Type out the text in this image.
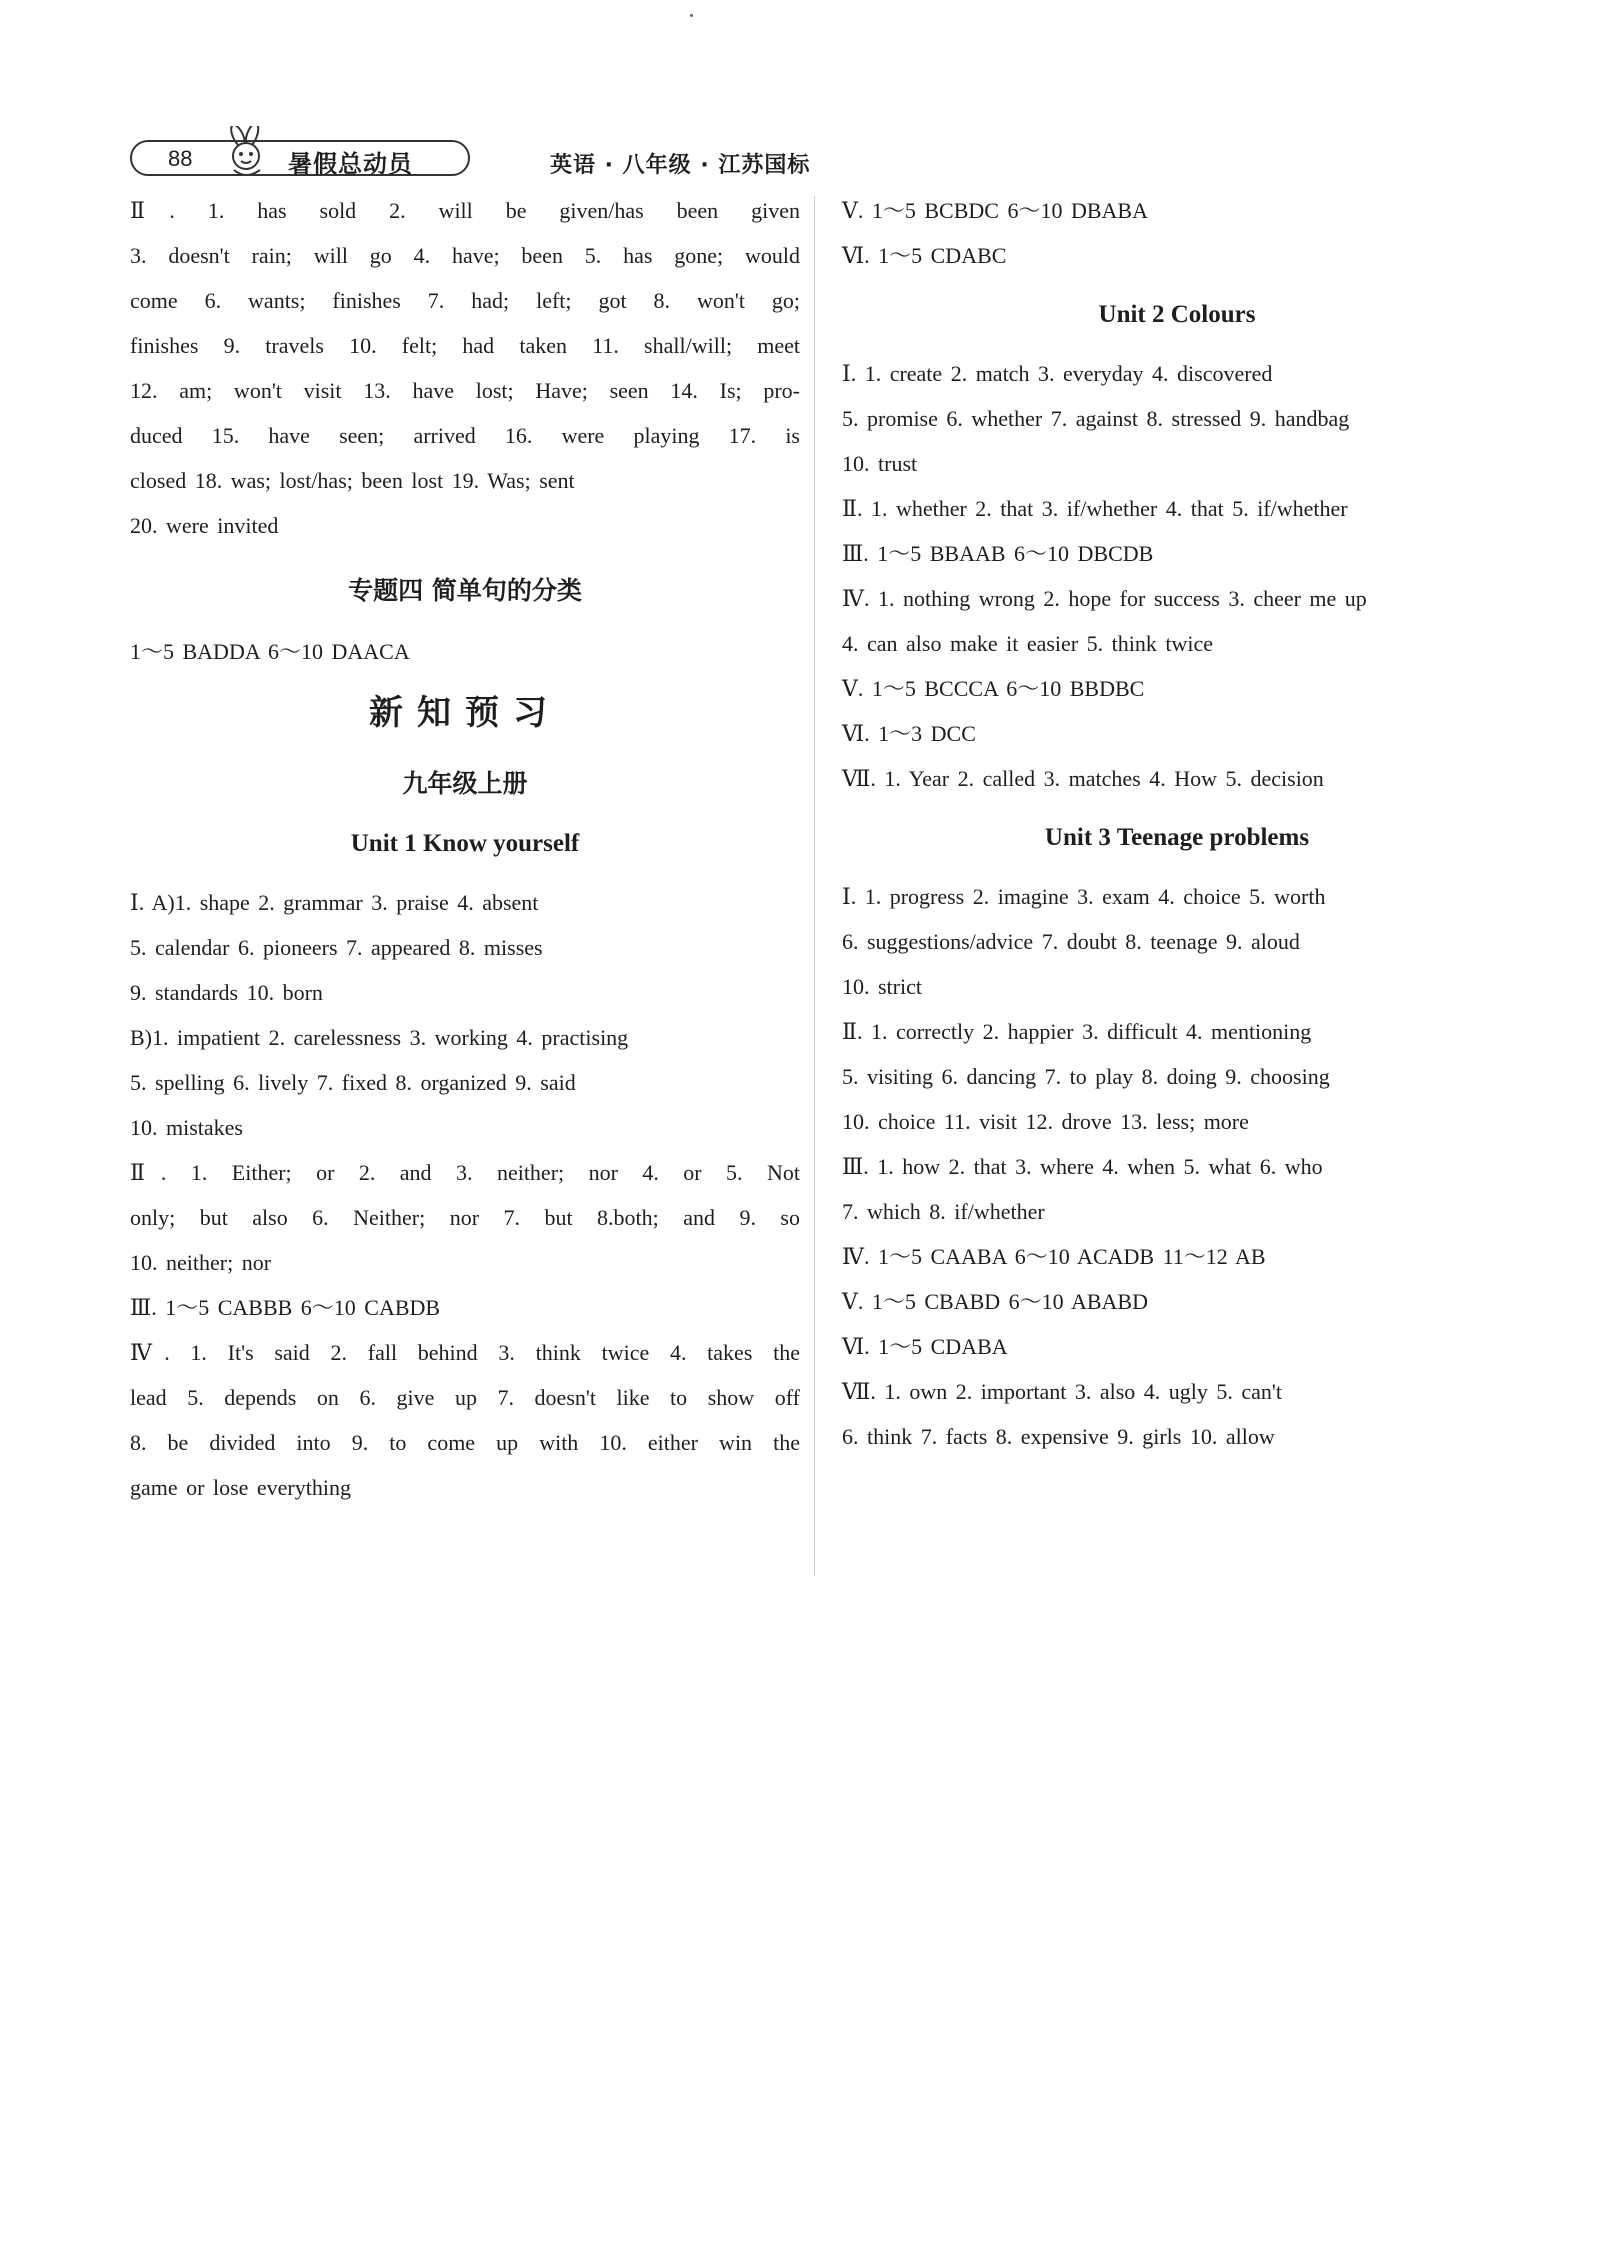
88	暑假总动员	英语 · 八年级 · 江苏国标
Ⅱ. 1. has sold 2. will be given/has been given
3. doesn't rain; will go 4. have; been 5. has gone; would
come 6. wants; finishes 7. had; left; got 8. won't go;
finishes 9. travels 10. felt; had taken 11. shall/will; meet
12. am; won't visit 13. have lost; Have; seen 14. Is; pro-
duced 15. have seen; arrived 16. were playing 17. is
closed 18. was; lost/has; been lost 19. Was; sent
20. were invited
专题四 简单句的分类
1～5 BADDA 6～10 DAACA
新知预习
九年级上册
Unit 1 Know yourself
Ⅰ. A)1. shape 2. grammar 3. praise 4. absent
5. calendar 6. pioneers 7. appeared 8. misses
9. standards 10. born
B)1. impatient 2. carelessness 3. working 4. practising
5. spelling 6. lively 7. fixed 8. organized 9. said
10. mistakes
Ⅱ. 1. Either; or 2. and 3. neither; nor 4. or 5. Not
only; but also 6. Neither; nor 7. but 8.both; and 9. so
10. neither; nor
Ⅲ. 1～5 CABBB 6～10 CABDB
Ⅳ. 1. It's said 2. fall behind 3. think twice 4. takes the
lead 5. depends on 6. give up 7. doesn't like to show off
8. be divided into 9. to come up with 10. either win the
game or lose everything
Ⅴ. 1～5 BCBDC 6～10 DBABA
Ⅵ. 1～5 CDABC
Unit 2 Colours
Ⅰ. 1. create 2. match 3. everyday 4. discovered
5. promise 6. whether 7. against 8. stressed 9. handbag
10. trust
Ⅱ. 1. whether 2. that 3. if/whether 4. that 5. if/whether
Ⅲ. 1～5 BBAAB 6～10 DBCDB
Ⅳ. 1. nothing wrong 2. hope for success 3. cheer me up
4. can also make it easier 5. think twice
Ⅴ. 1～5 BCCCA 6～10 BBDBC
Ⅵ. 1～3 DCC
Ⅶ. 1. Year 2. called 3. matches 4. How 5. decision
Unit 3 Teenage problems
Ⅰ. 1. progress 2. imagine 3. exam 4. choice 5. worth
6. suggestions/advice 7. doubt 8. teenage 9. aloud
10. strict
Ⅱ. 1. correctly 2. happier 3. difficult 4. mentioning
5. visiting 6. dancing 7. to play 8. doing 9. choosing
10. choice 11. visit 12. drove 13. less; more
Ⅲ. 1. how 2. that 3. where 4. when 5. what 6. who
7. which 8. if/whether
Ⅳ. 1～5 CAABA 6～10 ACADB 11～12 AB
Ⅴ. 1～5 CBABD 6～10 ABABD
Ⅵ. 1～5 CDABA
Ⅶ. 1. own 2. important 3. also 4. ugly 5. can't
6. think 7. facts 8. expensive 9. girls 10. allow
